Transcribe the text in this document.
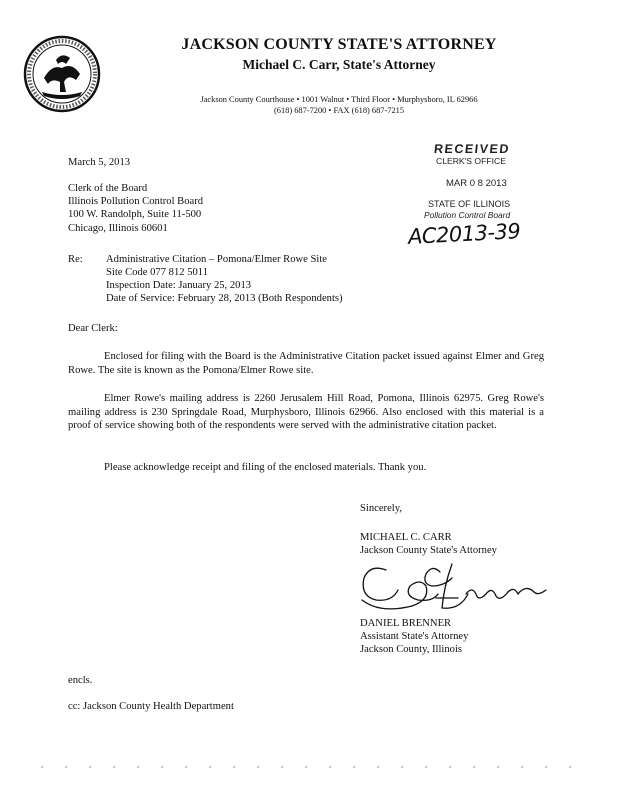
JACKSON COUNTY STATE'S ATTORNEY
Michael C. Carr, State's Attorney
Jackson County Courthouse • 1001 Walnut • Third Floor • Murphysboro, IL 62966
(618) 687-7200 • FAX (618) 687-7215
March 5, 2013
Clerk of the Board
Illinois Pollution Control Board
100 W. Randolph, Suite 11-500
Chicago, Illinois 60601
RECEIVED
CLERK'S OFFICE
MAR 0 8 2013
STATE OF ILLINOIS
Pollution Control Board
AC2013-39
Re: Administrative Citation – Pomona/Elmer Rowe Site
Site Code 077 812 5011
Inspection Date: January 25, 2013
Date of Service: February 28, 2013 (Both Respondents)
Dear Clerk:
Enclosed for filing with the Board is the Administrative Citation packet issued against Elmer and Greg Rowe. The site is known as the Pomona/Elmer Rowe site.
Elmer Rowe's mailing address is 2260 Jerusalem Hill Road, Pomona, Illinois 62975. Greg Rowe's mailing address is 230 Springdale Road, Murphysboro, Illinois 62966. Also enclosed with this material is a proof of service showing both of the respondents were served with the administrative citation packet.
Please acknowledge receipt and filing of the enclosed materials. Thank you.
Sincerely,
MICHAEL C. CARR
Jackson County State's Attorney
DANIEL BRENNER
Assistant State's Attorney
Jackson County, Illinois
encls.
cc: Jackson County Health Department
